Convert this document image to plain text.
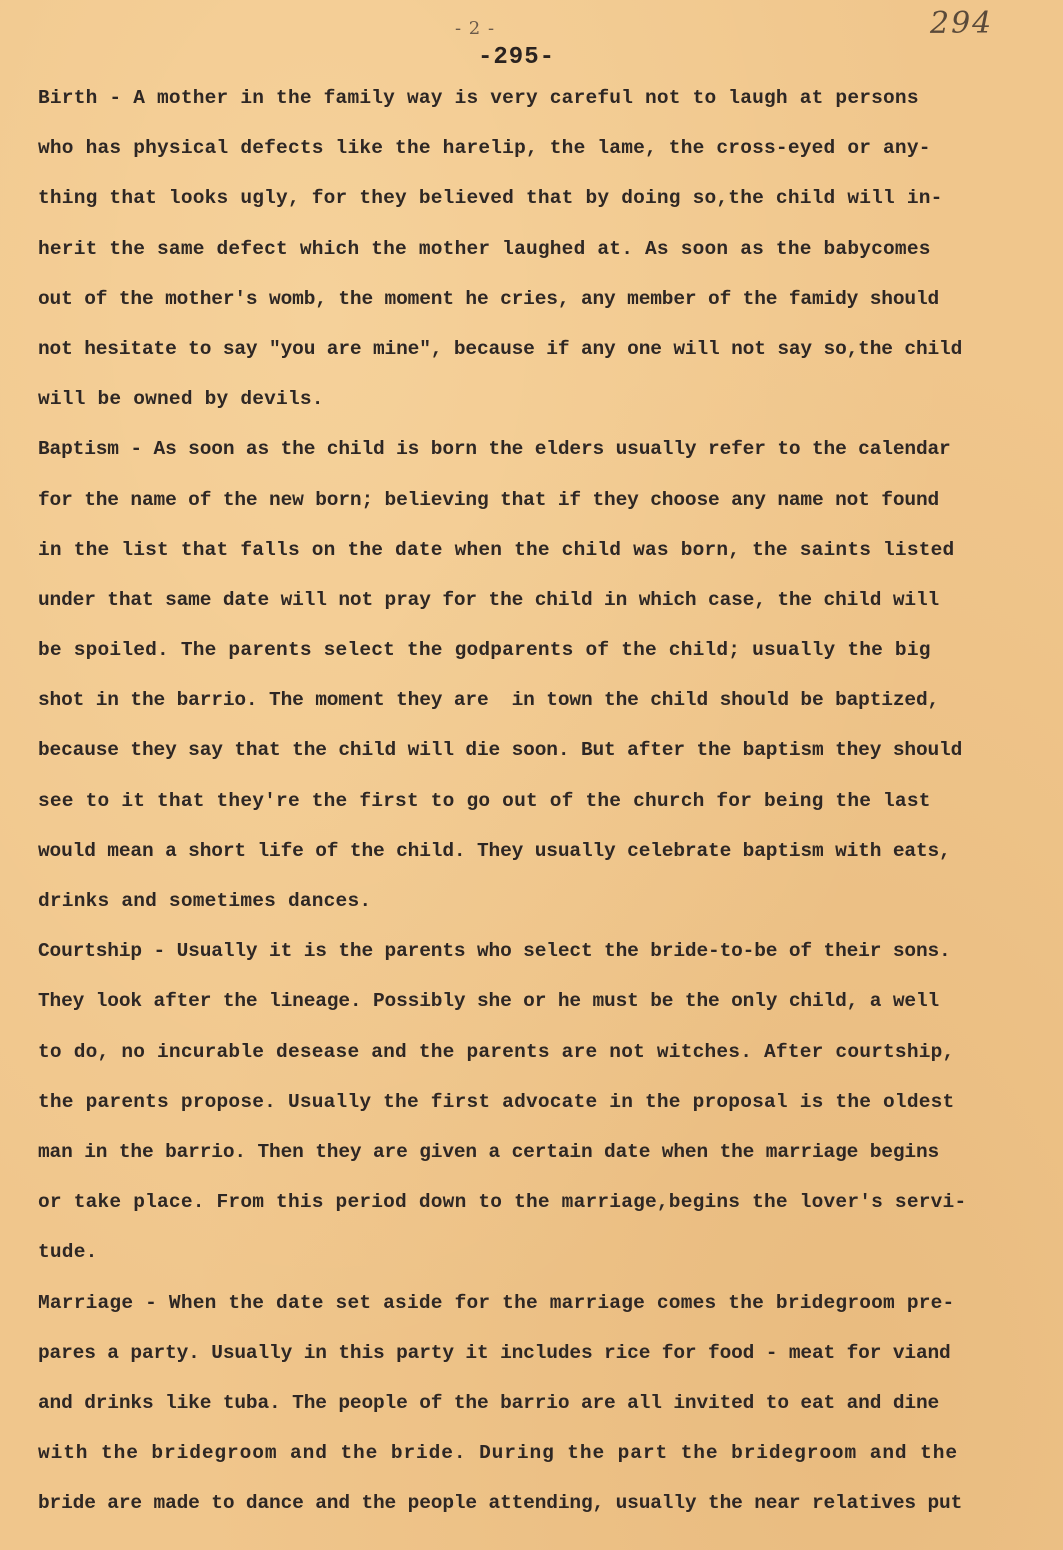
- 2 -
-295-
294
Birth - A mother in the family way is very careful not to laugh at persons
who has physical defects like the harelip, the lame, the cross-eyed or any-
thing that looks ugly, for they believed that by doing so,the child will in-
herit the same defect which the mother laughed at. As soon as the babycomes
out of the mother's womb, the moment he cries, any member of the famidy should
not hesitate to say "you are mine", because if any one will not say so,the child
will be owned by devils.
Baptism - As soon as the child is born the elders usually refer to the calendar
for the name of the new born; believing that if they choose any name not found
in the list that falls on the date when the child was born, the saints listed
under that same date will not pray for the child in which case, the child will
be spoiled. The parents select the godparents of the child; usually the big
shot in the barrio. The moment they are  in town the child should be baptized,
because they say that the child will die soon. But after the baptism they should
see to it that they're the first to go out of the church for being the last
would mean a short life of the child. They usually celebrate baptism with eats,
drinks and sometimes dances.
Courtship - Usually it is the parents who select the bride-to-be of their sons.
They look after the lineage. Possibly she or he must be the only child, a well
to do, no incurable desease and the parents are not witches. After courtship,
the parents propose. Usually the first advocate in the proposal is the oldest
man in the barrio. Then they are given a certain date when the marriage begins
or take place. From this period down to the marriage,begins the lover's servi-
tude.
Marriage - When the date set aside for the marriage comes the bridegroom pre-
pares a party. Usually in this party it includes rice for food - meat for viand
and drinks like tuba. The people of the barrio are all invited to eat and dine
with the bridegroom and the bride. During the part the bridegroom and the
bride are made to dance and the people attending, usually the near relatives put
